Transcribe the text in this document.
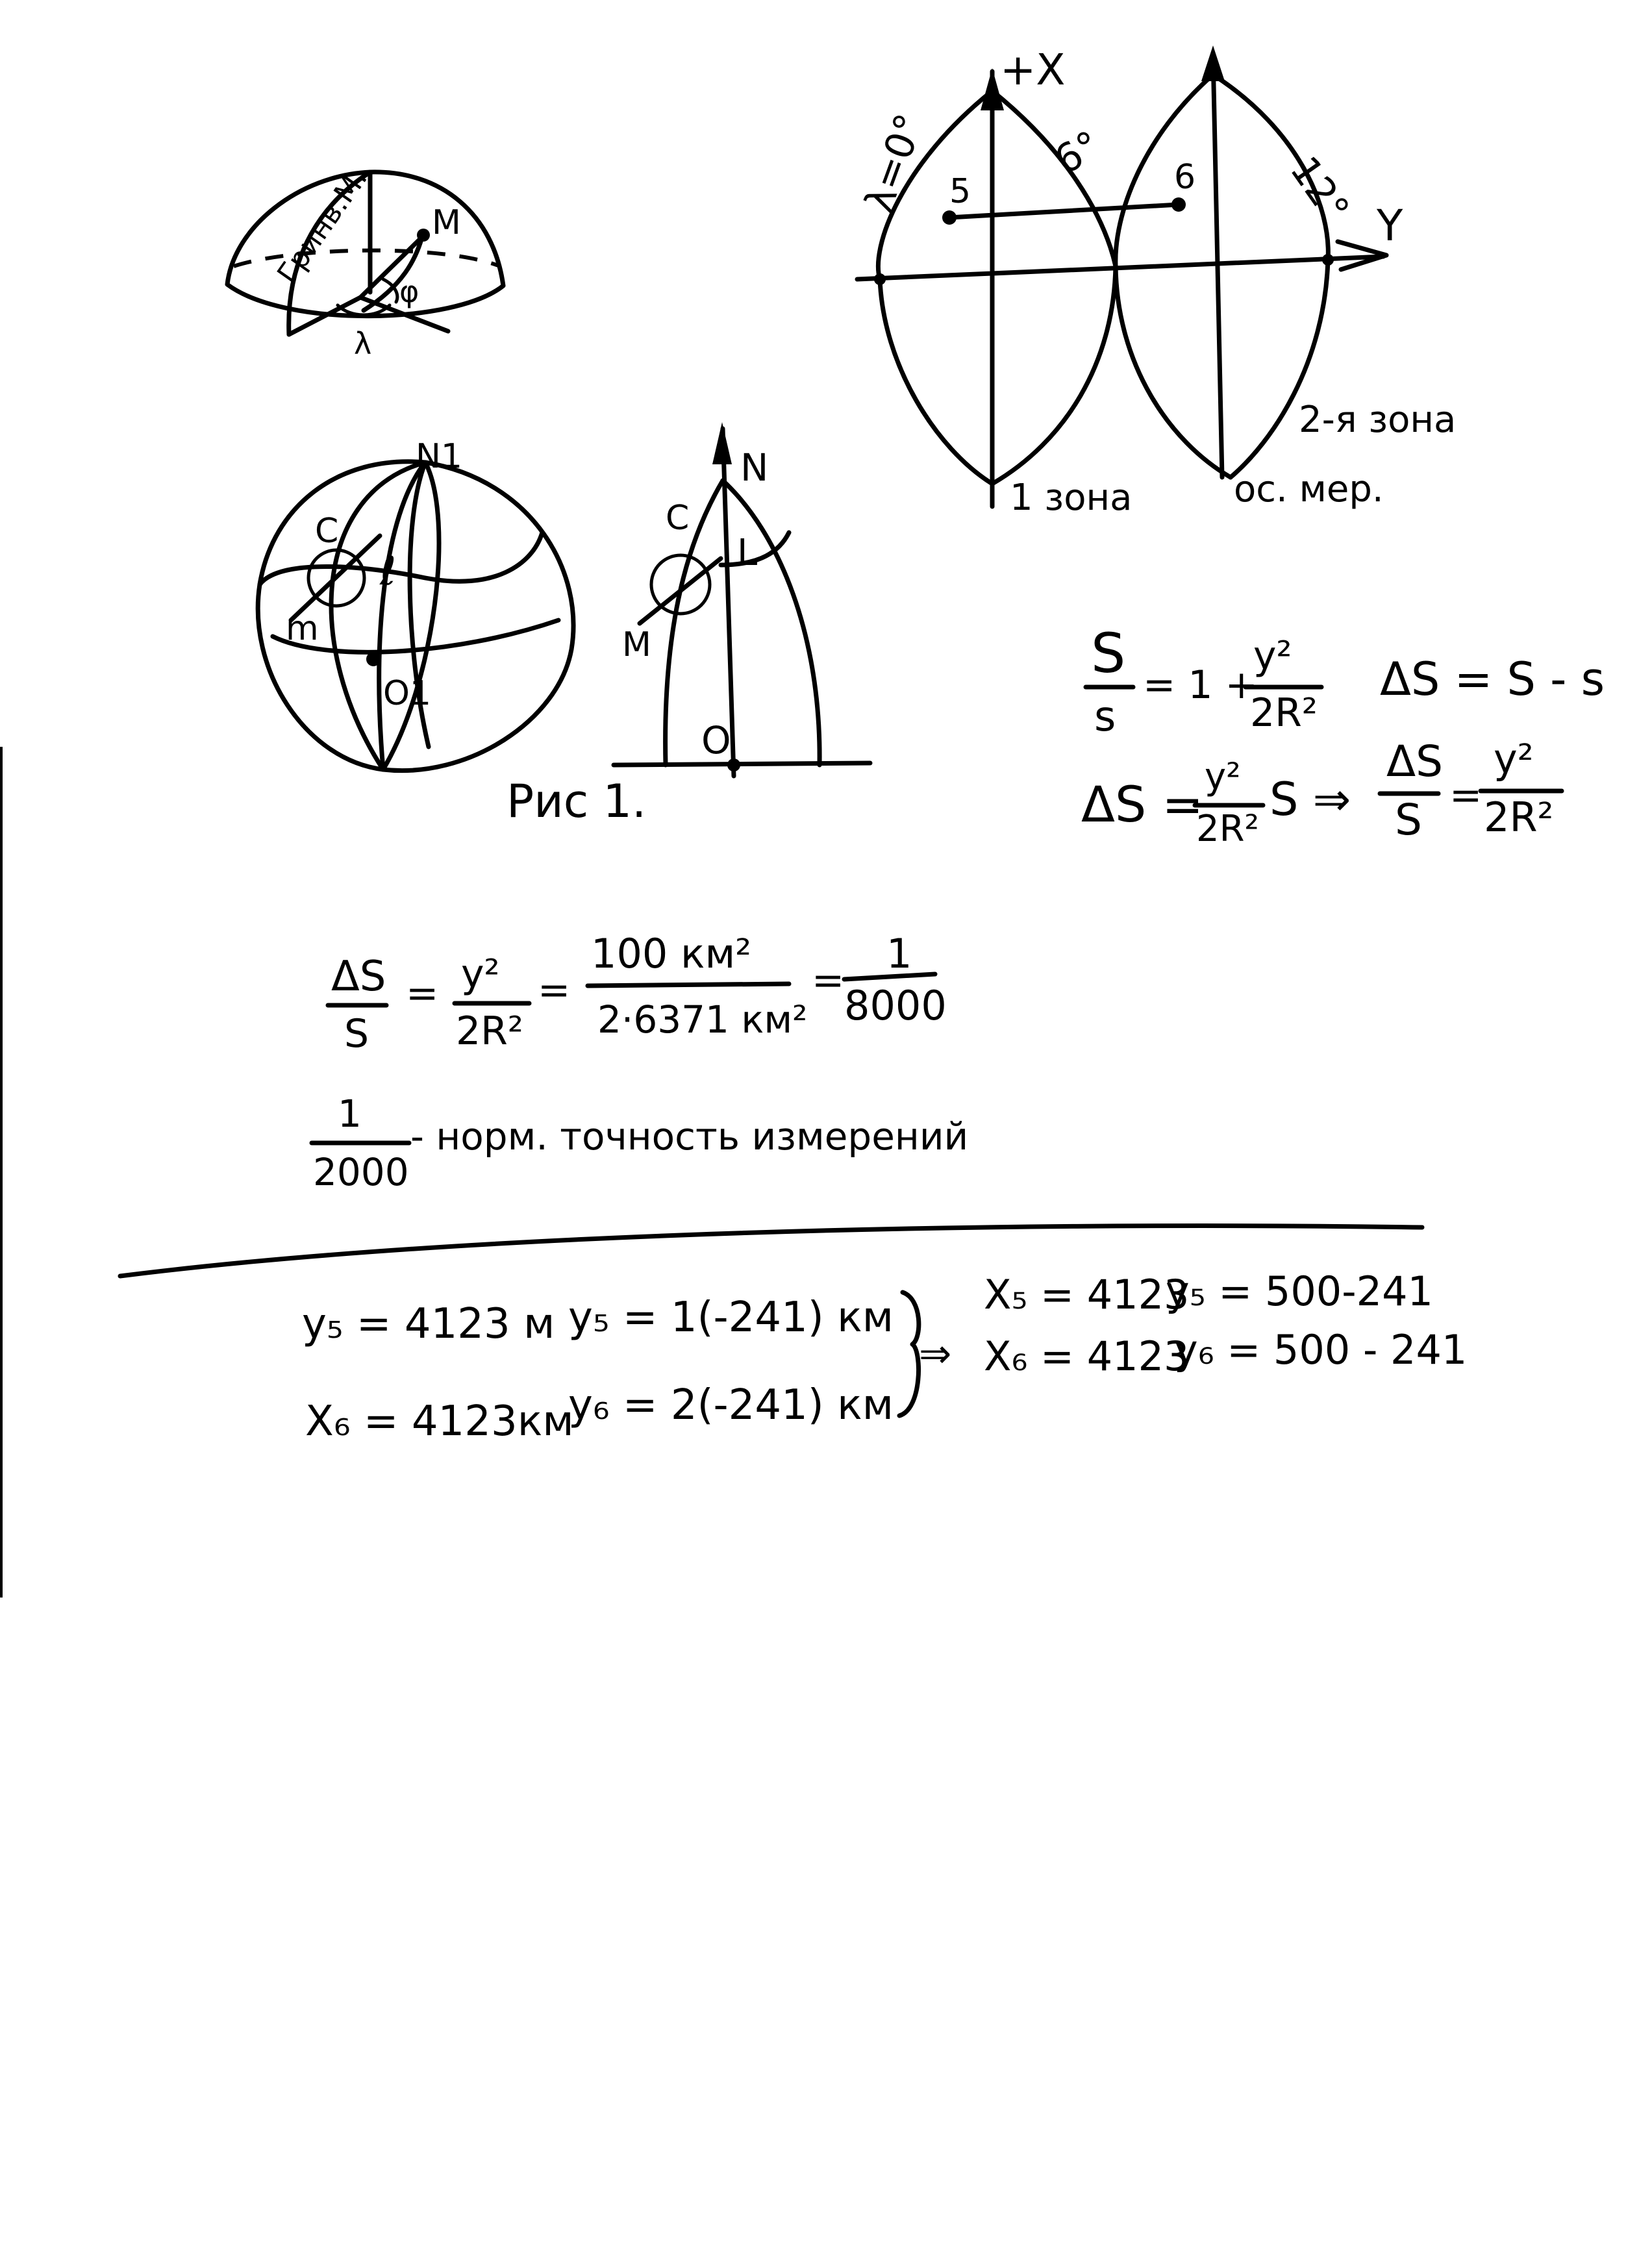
Гринв.М. M
φ
λ
+X
Y
λ=0°	6°	12°
5	6
1 зона
2-я зона
ос. мер.
N1
C
ℓ
m
O1
Рис 1.
N
C
L
M
O
S
s
= 1 +
y²
2R²
ΔS = S - s
ΔS = y²
2R²
S ⇒
ΔS
S =
y²
2R²
ΔS
S
= y²
2R²
=
100 км²
2·6371 км²
=
1
8000
1
2000
- норм. точность измерений
y₅ = 4123 м y₅ = 1(-241) км
X₆ = 4123км
y₆ = 2(-241) км
⇒
X₅ = 4123
y₅ = 500-241
X₆ = 4123
y₆ = 500 - 241
